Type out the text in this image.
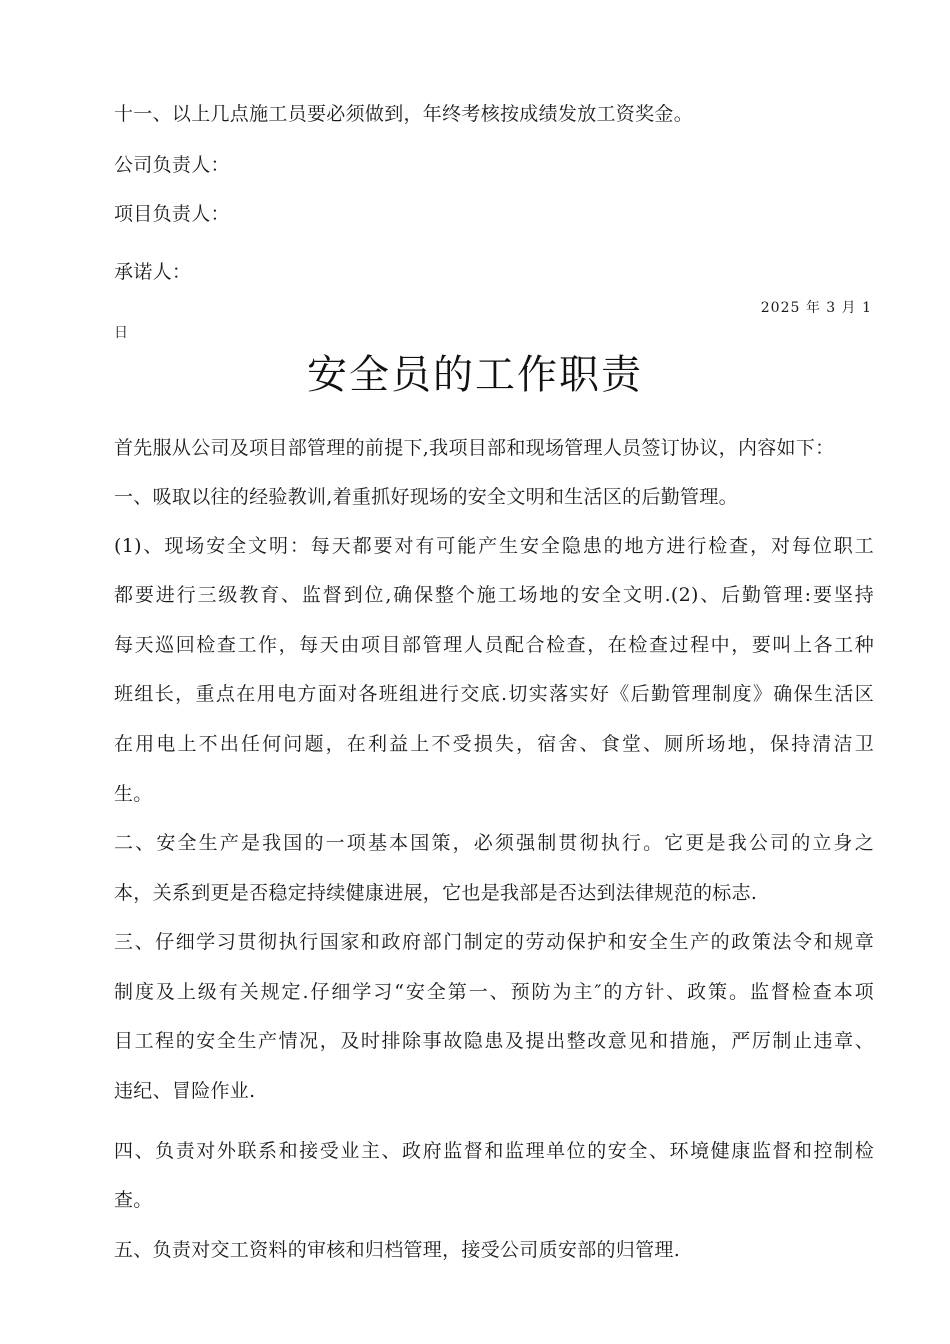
十一、以上几点施工员要必须做到，年终考核按成绩发放工资奖金。
公司负责人：
项目负责人：
承诺人：
2025 年 3 月 1
日
安全员的工作职责
首先服从公司及项目部管理的前提下,我项目部和现场管理人员签订协议，内容如下：
一、吸取以往的经验教训,着重抓好现场的安全文明和生活区的后勤管理。
(1)、现场安全文明：每天都要对有可能产生安全隐患的地方进行检查，对每位职工
都要进行三级教育、监督到位,确保整个施工场地的安全文明.(2)、后勤管理:要坚持
每天巡回检查工作，每天由项目部管理人员配合检查，在检查过程中，要叫上各工种
班组长，重点在用电方面对各班组进行交底.切实落实好《后勤管理制度》确保生活区
在用电上不出任何问题，在利益上不受损失，宿舍、食堂、厕所场地，保持清洁卫
生。
二、安全生产是我国的一项基本国策，必须强制贯彻执行。它更是我公司的立身之
本，关系到更是否稳定持续健康进展，它也是我部是否达到法律规范的标志.
三、仔细学习贯彻执行国家和政府部门制定的劳动保护和安全生产的政策法令和规章
制度及上级有关规定.仔细学习“安全第一、预防为主″的方针、政策。监督检查本项
目工程的安全生产情况，及时排除事故隐患及提出整改意见和措施，严厉制止违章、
违纪、冒险作业.
四、负责对外联系和接受业主、政府监督和监理单位的安全、环境健康监督和控制检
查。
五、负责对交工资料的审核和归档管理，接受公司质安部的归管理.
